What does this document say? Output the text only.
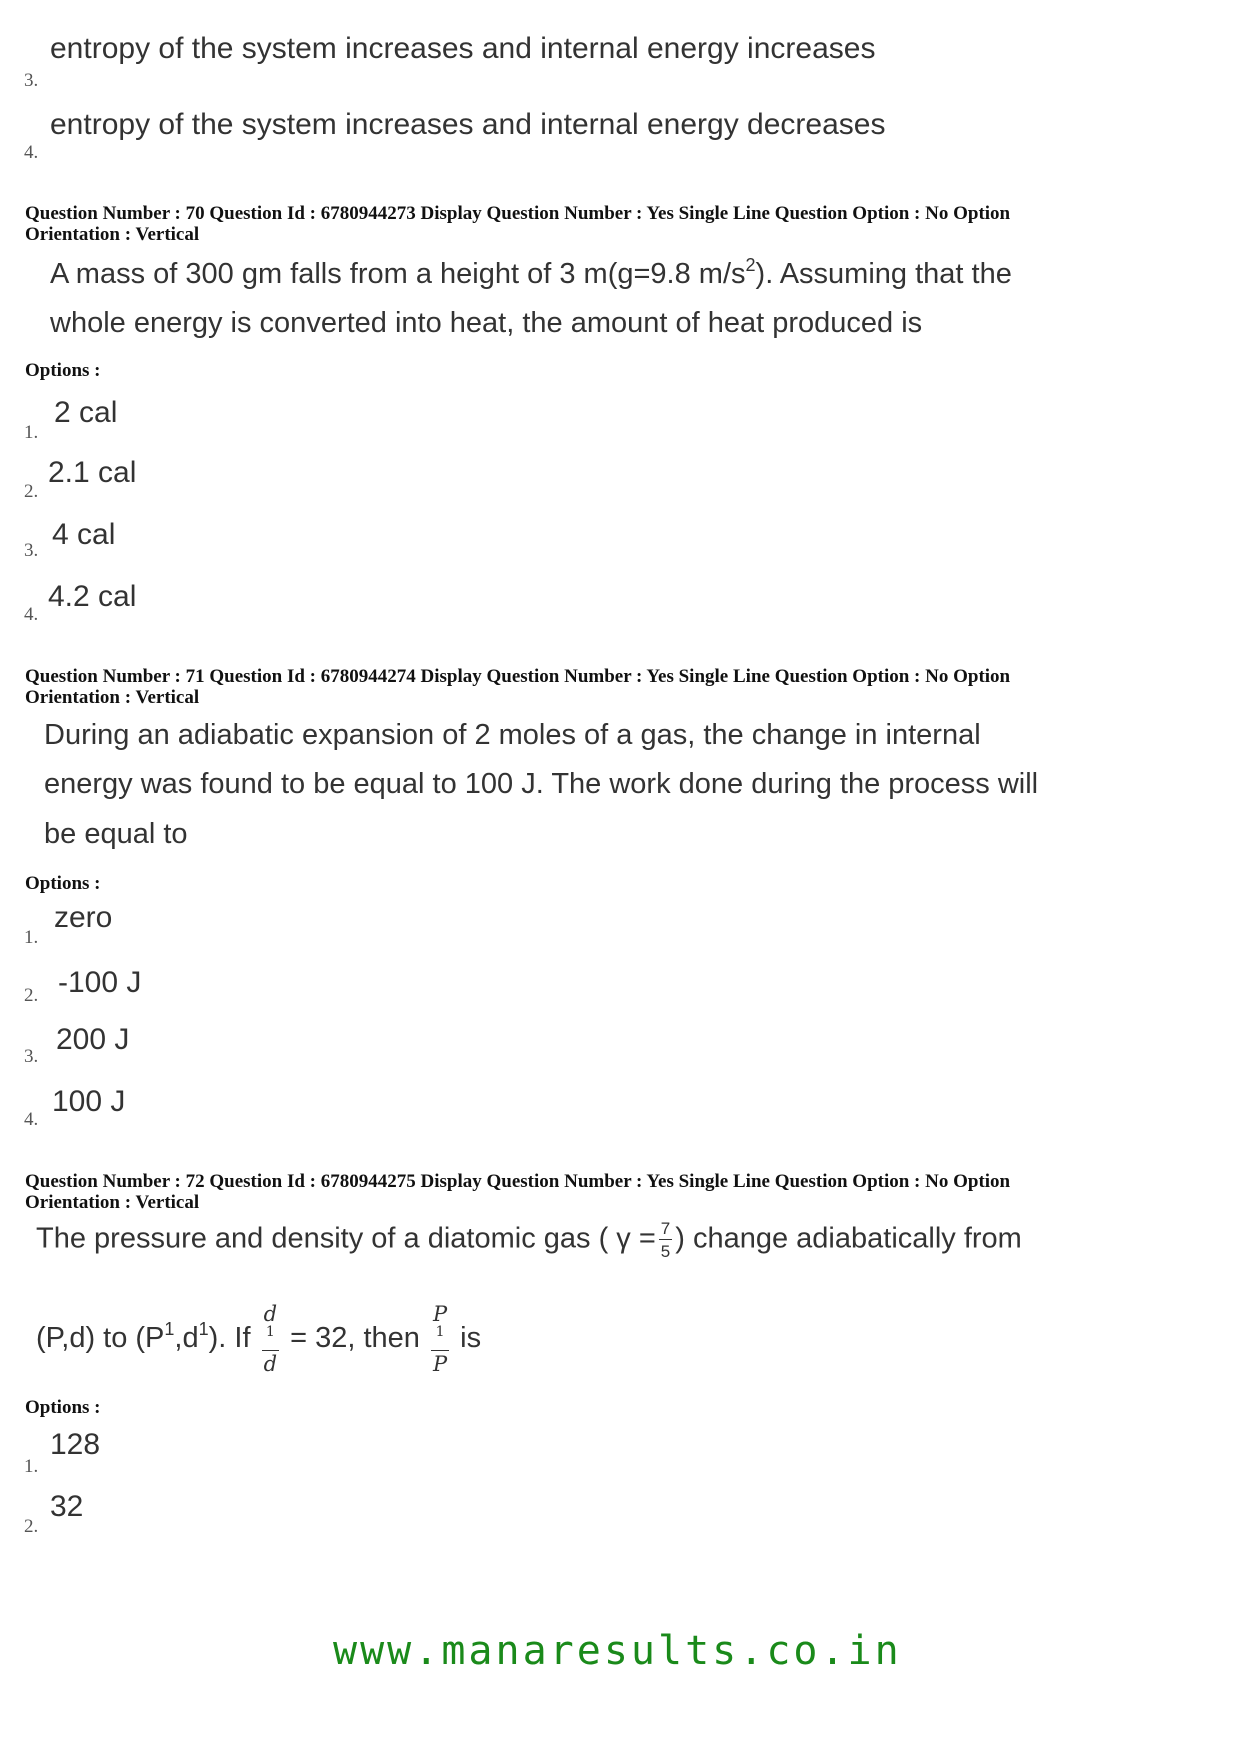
entropy of the system increases and internal energy increases
3.
entropy of the system increases and internal energy decreases
4.

Question Number : 70 Question Id : 6780944273 Display Question Number : Yes Single Line Question Option : No Option
Orientation : Vertical

A mass of 300 gm falls from a height of 3 m(g=9.8 $m/s^2$). Assuming that the
whole energy is converted into heat, the amount of heat produced is
Options :
2 cal
1.
2.1 cal
2.
4 cal
3.
4.2 cal
4.

Question Number : 71 Question Id : 6780944274 Display Question Number : Yes Single Line Question Option : No Option
Orientation : Vertical

During an adiabatic expansion of 2 moles of a gas, the change in internal
energy was found to be equal to 100 J. The work done during the process will
be equal to
Options :
zero
1.
-100 J
2.
200 J
3.
100 J
4.

Question Number : 72 Question Id : 6780944275 Display Question Number : Yes Single Line Question Option : No Option
Orientation : Vertical

The pressure and density of a diatomic gas ( $\gamma = \frac{7}{5}$ ) change adiabatically from
(P,d) to $(P^1,d^1)$. If d
$^1$
d = 32, then P
$^1$
P is
Options :
128
1.
32
2.
www.manaresults.co.in
